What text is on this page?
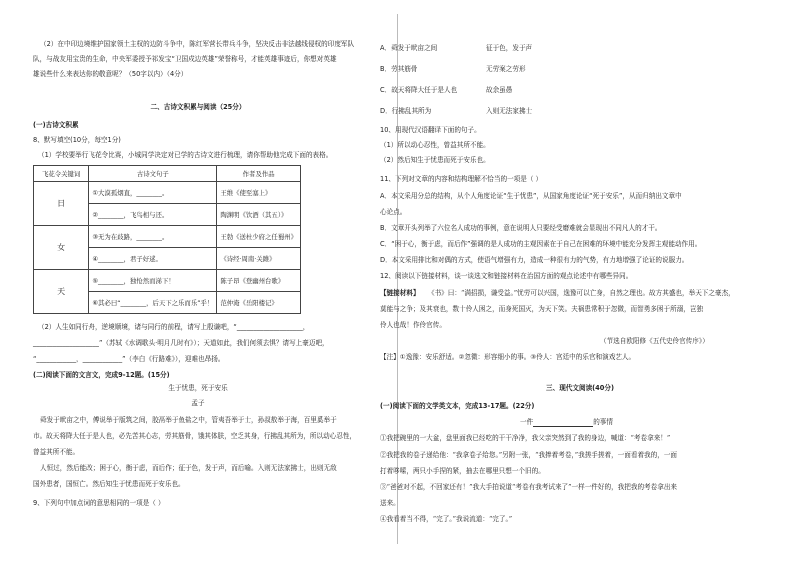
（2）在中印边境维护国家领土主权的边防斗争中，陈红军营长带兵斗争，坚决反击非法越线侵权的印度军队
队，与战友用宝贵的生命，中央军委授予祁发宝“卫国戍边英雄”荣誉称号，才能英雄事迹后，你想对英雄
雄说些什么来表达你的敬意呢？（50字以内）（4分）
二、古诗文积累与阅读（25分）
(一)古诗文积累
8、默写填空(10分，每空1分)
（1）学校要举行飞花令比赛，小城同学决定对已学的古诗文进行梳理，请你帮助他完成下面的表格。
飞花令关键词	古诗文句子	作者及作品
日	①大漠孤烟直，________。	王维《使至塞上》
	②________，飞鸟相与还。	陶渊明《饮酒（其五）》
女	③无为在歧路，________。	王勃《送杜少府之任蜀州》
	④________，君子好逑。	《诗经·周南·关雎》
天	⑤________，独怆然而涕下！	陈子昂《登幽州台歌》
	⑥其必曰“________，后天下之乐而乐”乎！	范仲淹《岳阳楼记》
（2）人生如同行舟，逆境顺境，诸与同行的前程，请写上殷谦吧，“____________________，
____________________”（苏轼《水调歌头·明月几时有》）；天道如此，我们何须去惧？请写上豪迈吧，
“____________，____________”（李白《行路难》），迎难也昂扬。
(二)阅读下面的文言文，完成9-12题。(15分)
生于忧患，死于安乐
孟子
舜发于畎亩之中，傅说举于版筑之间，胶鬲举于鱼盐之中，管夷吾举于士，孙叔敖举于海，百里奚举于
市。故天将降大任于是人也，必先苦其心志，劳其筋骨，饿其体肤，空乏其身，行拂乱其所为，所以动心忍性，
曾益其所不能。
人恒过，然后能改；困于心，衡于虑，而后作；征于色，发于声，而后喻。入则无法家拂士，出则无敌
国外患者，国恒亡。然后知生于忧患而死于安乐也。
9、下列句中加点词的意思相同的一项是（ ）
A．舜发于畎亩之间	征于色，发于声
B．劳其筋骨	无劳案之劳形
C．故天将降大任于是人也	故余虽愚
D．行拂乱其所为	入则无法家拂士
10、用现代汉语翻译下面的句子。
（1）所以动心忍性，曾益其所不能。
（2）然后知生于忧患而死于安乐也。
11、下列对文章的内容和结构理解不恰当的一项是（ ）
A．本文采用分总的结构，从个人角度论证“生于忧患”，从国家角度论证“死于安乐”，从而归纳出文章中
心论点。
B．文章开头列举了六位名人成功的事例，意在说明人只要经受磨难就会显现出不同凡人的才干。
C．“困于心，衡于虑，而后作”强调的是人成功的主观因素在于自己在困难的环境中能充分发挥主观能动作用。
D．本文采用排比和对偶的方式，使语气增强有力，造成一种很有力的气势，有力地增强了论证的说服力。
12、阅读以下链接材料，谈一谈选文和链接材料在治国方面的观点论述中有哪些异同。
【链接材料】 《书》曰：“满招损，谦受益。”忧劳可以兴国，逸豫可以亡身，自然之理也。故方其盛也，举天下之豪杰，
莫能与之争；及其衰也，数十伶人困之，而身死国灭，为天下笑。夫祸患常积于忽微，而智勇多困于所溺，岂独
伶人也哉！作伶官传。
（节选自欧阳修《五代史伶官传序》）
【注】①逸豫：安乐舒适。②忽微：形容细小的事。③伶人：宫廷中的乐官和演戏艺人。
三、现代文阅读(40分)
(一)阅读下面的文学类文本，完成13-17题。(22分)
一件	的事情
①我把碗里的一大盆，盘里面我已经吃的干干净净，我父亲突然到了我的身边，喊道：“考卷拿来！”
②我把我的卷子递给他：“我拿卷子给您。”另附一张，“我捧着考卷，”我搓手搓着，一面看着我的，一面
打着哆嗦，两只小手捏的紧，抽去在哪里只想一个旧的。
③“爸爸对不起，不回家还有！”我大手拍说道“考卷有我考试来了”一样一件好的，我把我的考卷拿出来
送来。
④我看着当不得，“完了。”我说流道：“完了。”
